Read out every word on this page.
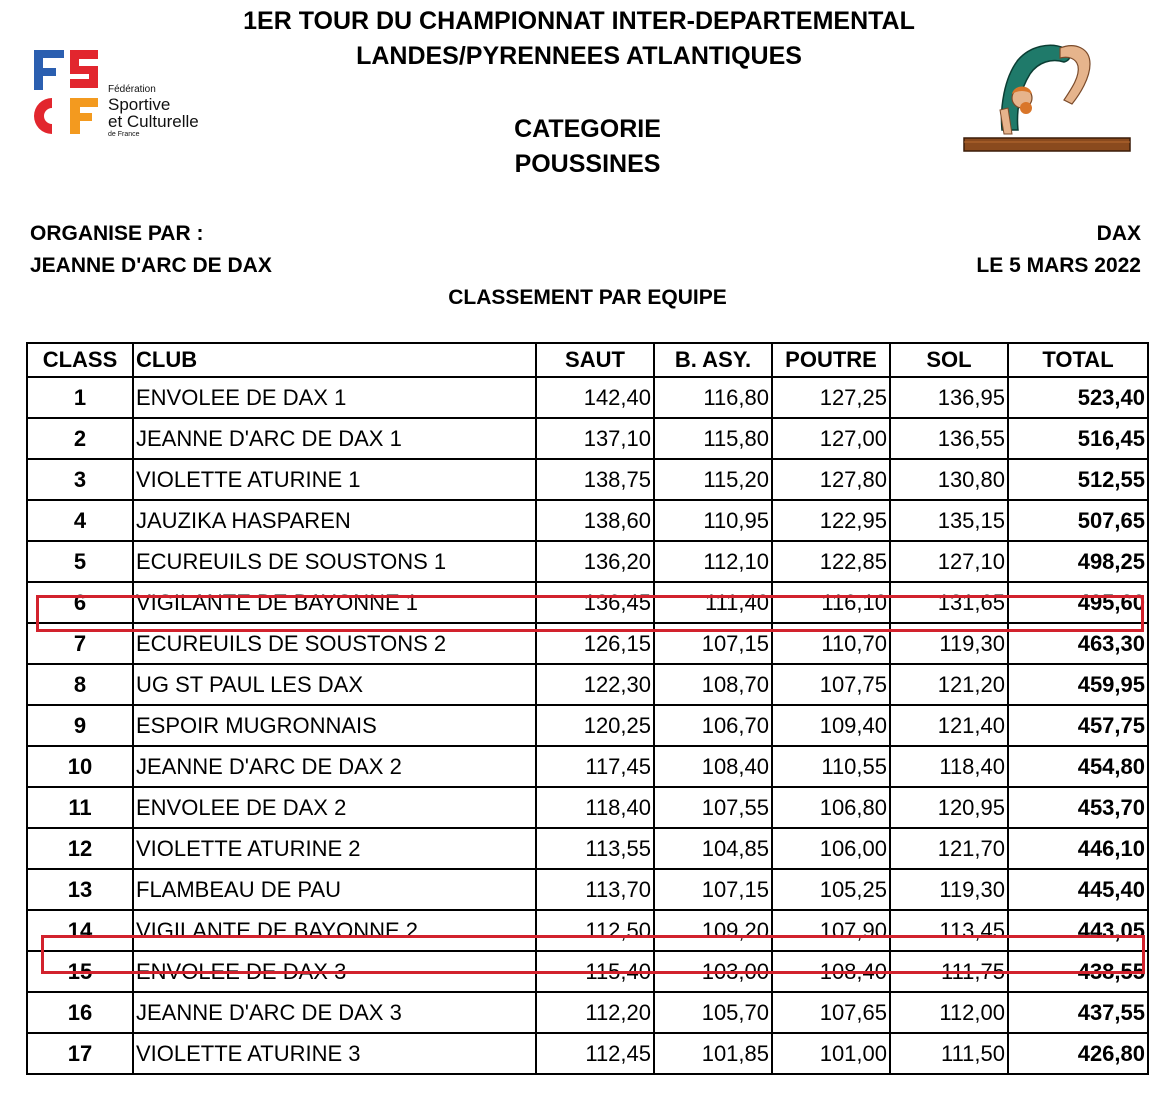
1ER TOUR DU CHAMPIONNAT INTER-DEPARTEMENTAL
LANDES/PYRENNEES ATLANTIQUES
Fédération
Sportive
et Culturelle
de France	CATEGORIE
POUSSINES
ORGANISE PAR :
JEANNE D'ARC DE DAX
DAX
LE 5 MARS 2022
CLASSEMENT PAR EQUIPE
CLASS	CLUB	SAUT	B. ASY.	POUTRE	SOL	TOTAL
1	ENVOLEE DE DAX 1	142,40	116,80	127,25	136,95	523,40
2	JEANNE D'ARC DE DAX 1	137,10	115,80	127,00	136,55	516,45
3	VIOLETTE ATURINE 1	138,75	115,20	127,80	130,80	512,55
4	JAUZIKA HASPAREN	138,60	110,95	122,95	135,15	507,65
5	ECUREUILS DE SOUSTONS 1	136,20	112,10	122,85	127,10	498,25
6	VIGILANTE DE BAYONNE 1	136,45	111,40	116,10	131,65	495,60
7	ECUREUILS DE SOUSTONS 2	126,15	107,15	110,70	119,30	463,30
8	UG ST PAUL LES DAX	122,30	108,70	107,75	121,20	459,95
9	ESPOIR MUGRONNAIS	120,25	106,70	109,40	121,40	457,75
10	JEANNE D'ARC DE DAX 2	117,45	108,40	110,55	118,40	454,80
11	ENVOLEE DE DAX 2	118,40	107,55	106,80	120,95	453,70
12	VIOLETTE ATURINE 2	113,55	104,85	106,00	121,70	446,10
13	FLAMBEAU DE PAU	113,70	107,15	105,25	119,30	445,40
14	VIGILANTE DE BAYONNE 2	112,50	109,20	107,90	113,45	443,05
15	ENVOLEE DE DAX 3	115,40	103,00	108,40	111,75	438,55
16	JEANNE D'ARC DE DAX 3	112,20	105,70	107,65	112,00	437,55
17	VIOLETTE ATURINE 3	112,45	101,85	101,00	111,50	426,80
